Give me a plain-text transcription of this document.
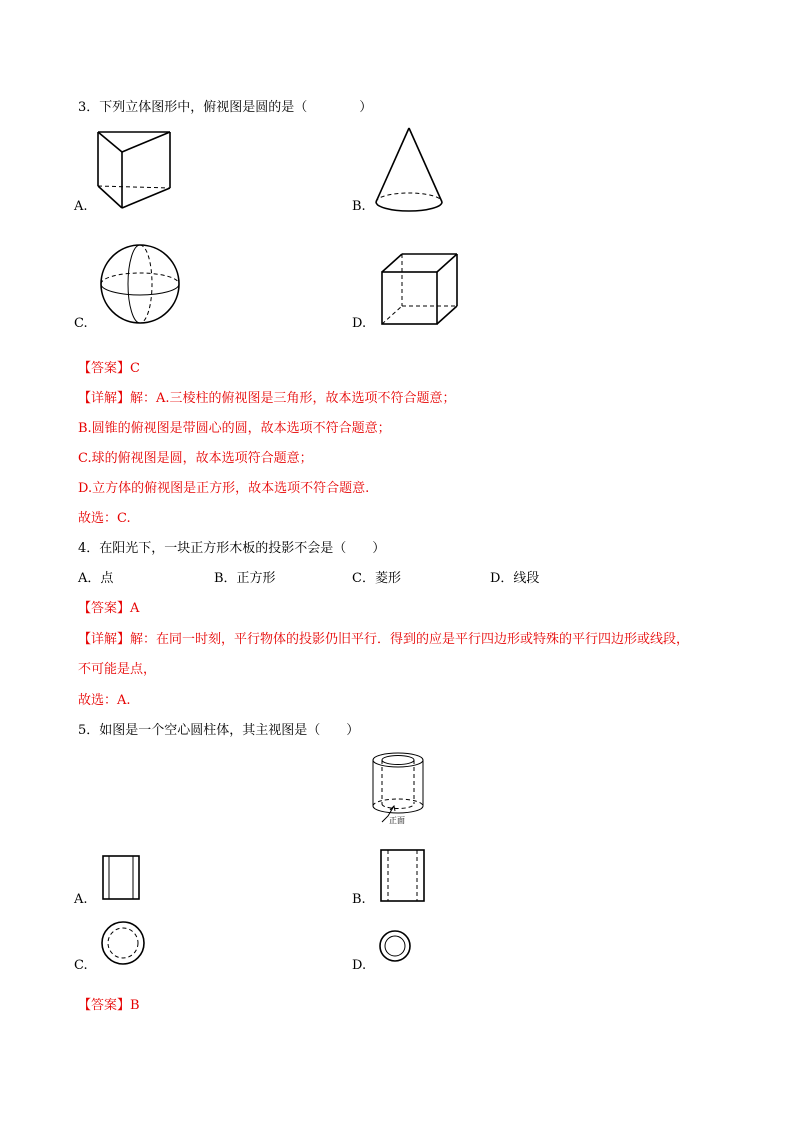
3．下列立体图形中，俯视图是圆的是（　　　　）
A.	B.
C.	D.
【答案】C
【详解】解：A.三棱柱的俯视图是三角形，故本选项不符合题意；
B.圆锥的俯视图是带圆心的圆，故本选项不符合题意；
C.球的俯视图是圆，故本选项符合题意；
D.立方体的俯视图是正方形，故本选项不符合题意.
故选：C.
4．在阳光下，一块正方形木板的投影不会是（　　）
A．点	B．正方形	C．菱形	D．线段
【答案】A
【详解】解：在同一时刻，平行物体的投影仍旧平行．得到的应是平行四边形或特殊的平行四边形或线段，
不可能是点，
故选：A.
5．如图是一个空心圆柱体，其主视图是（　　）
正面
A.	B.
C.	D.
【答案】B
